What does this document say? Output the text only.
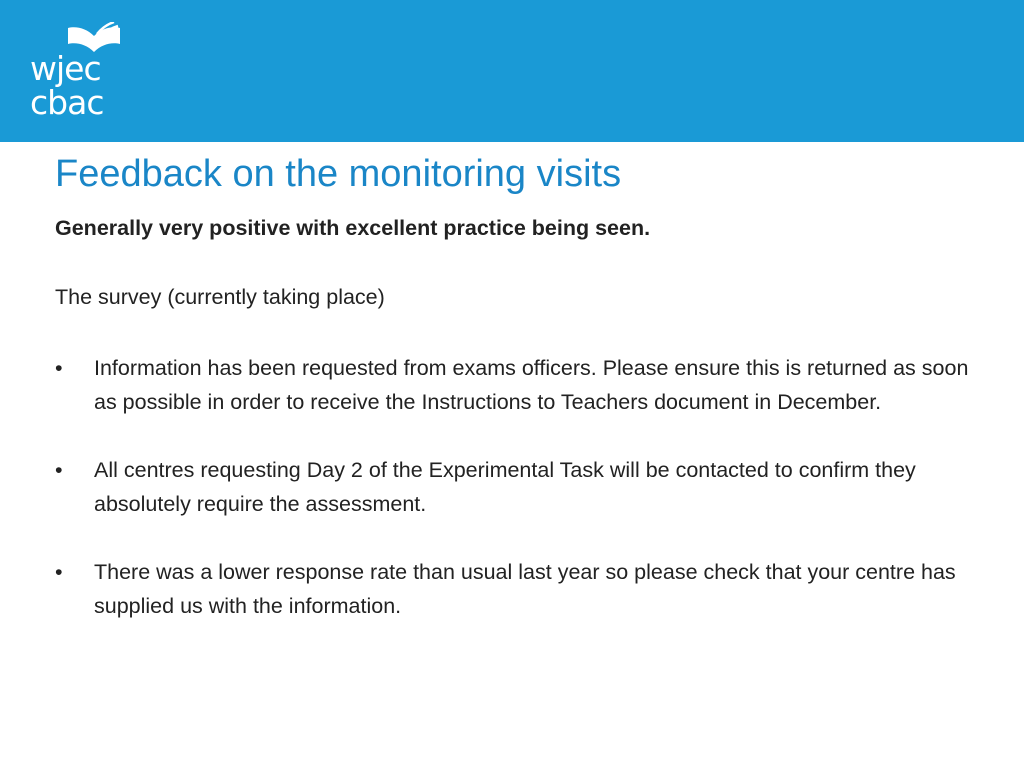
wjec
cbac
Feedback on the monitoring visits

Generally very positive with excellent practice being seen.

The survey (currently taking place)

•	Information has been requested from exams officers. Please ensure this is returned as soon as possible in order to receive the Instructions to Teachers document in December.
•	All centres requesting Day 2 of the Experimental Task will be contacted to confirm they absolutely require the assessment.
•	There was a lower response rate than usual last year so please check that your centre has supplied us with the information.
